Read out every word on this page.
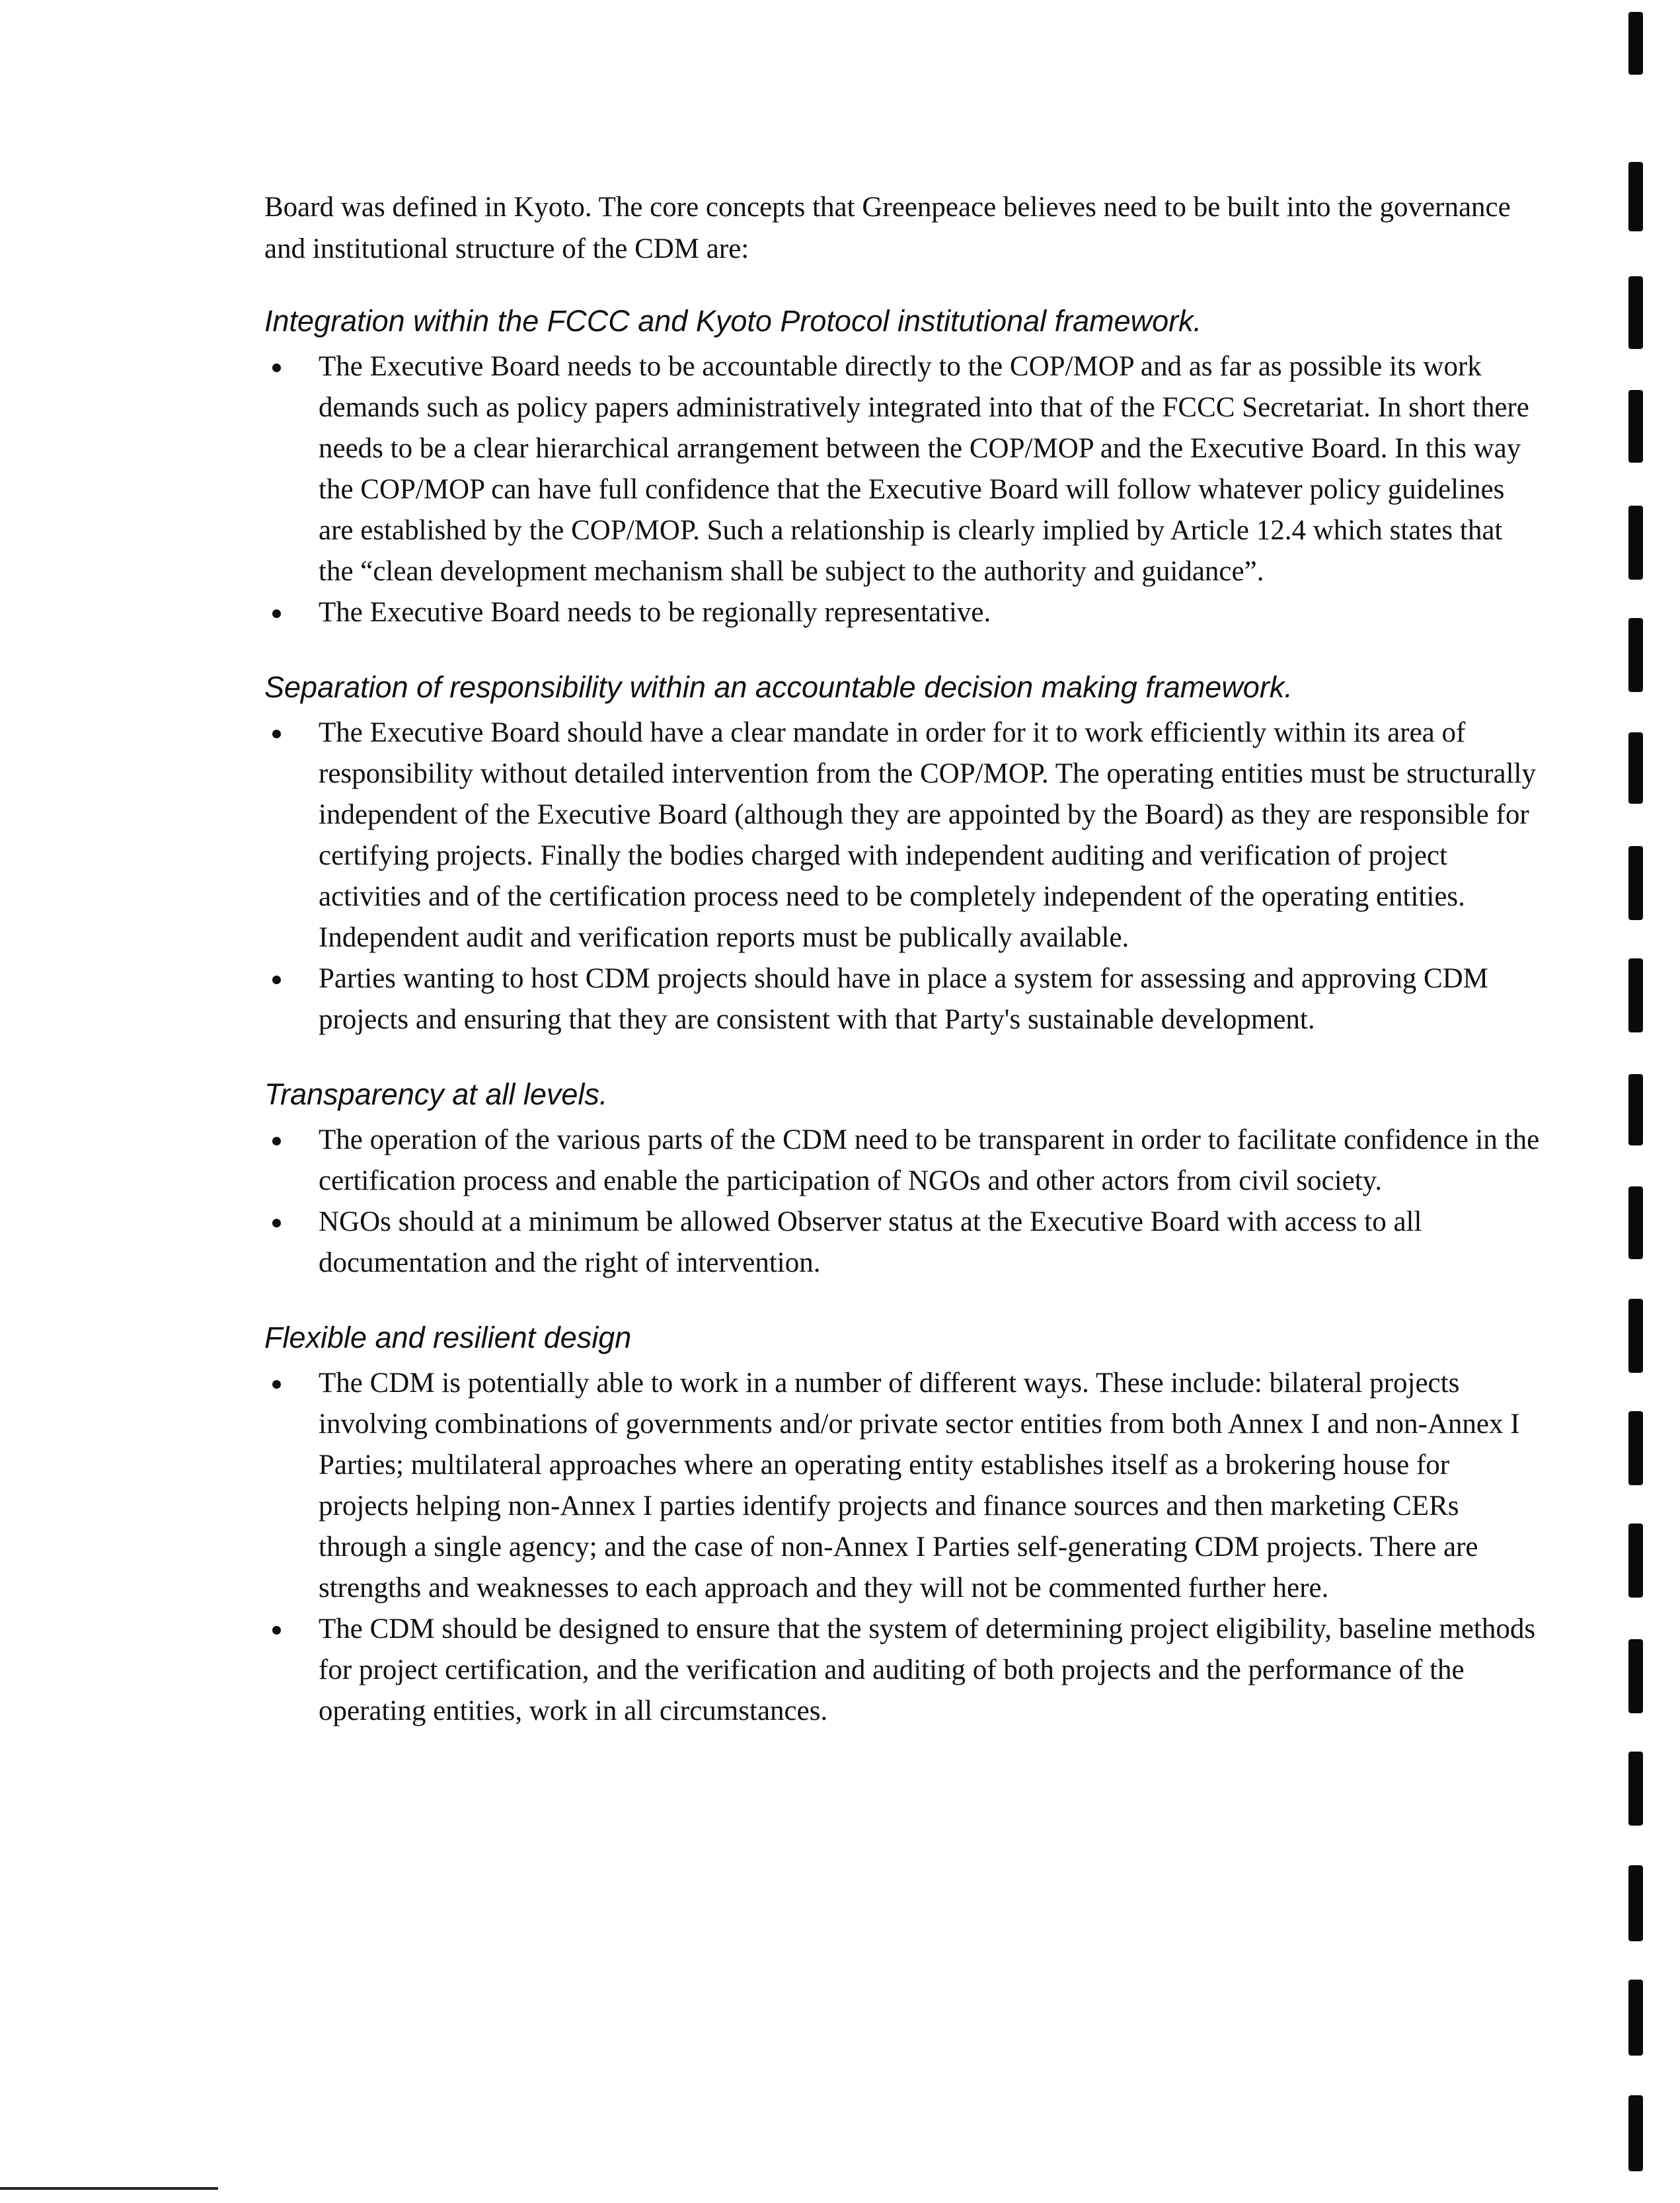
Board was defined in Kyoto. The core concepts that Greenpeace believes need to be built into the governance and institutional structure of the CDM are:

Integration within the FCCC and Kyoto Protocol institutional framework.
The Executive Board needs to be accountable directly to the COP/MOP and as far as possible its work demands such as policy papers administratively integrated into that of the FCCC Secretariat. In short there needs to be a clear hierarchical arrangement between the COP/MOP and the Executive Board. In this way the COP/MOP can have full confidence that the Executive Board will follow whatever policy guidelines are established by the COP/MOP. Such a relationship is clearly implied by Article 12.4 which states that the “clean development mechanism shall be subject to the authority and guidance”.
The Executive Board needs to be regionally representative.
Separation of responsibility within an accountable decision making framework.
The Executive Board should have a clear mandate in order for it to work efficiently within its area of responsibility without detailed intervention from the COP/MOP. The operating entities must be structurally independent of the Executive Board (although they are appointed by the Board) as they are responsible for certifying projects. Finally the bodies charged with independent auditing and verification of project activities and of the certification process need to be completely independent of the operating entities. Independent audit and verification reports must be publically available.
Parties wanting to host CDM projects should have in place a system for assessing and approving CDM projects and ensuring that they are consistent with that Party's sustainable development.
Transparency at all levels.
The operation of the various parts of the CDM need to be transparent in order to facilitate confidence in the certification process and enable the participation of NGOs and other actors from civil society.
NGOs should at a minimum be allowed Observer status at the Executive Board with access to all documentation and the right of intervention.
Flexible and resilient design
The CDM is potentially able to work in a number of different ways. These include: bilateral projects involving combinations of governments and/or private sector entities from both Annex I and non-Annex I Parties; multilateral approaches where an operating entity establishes itself as a brokering house for projects helping non-Annex I parties identify projects and finance sources and then marketing CERs through a single agency; and the case of non-Annex I Parties self-generating CDM projects. There are strengths and weaknesses to each approach and they will not be commented further here.
The CDM should be designed to ensure that the system of determining project eligibility, baseline methods for project certification, and the verification and auditing of both projects and the performance of the operating entities, work in all circumstances.
